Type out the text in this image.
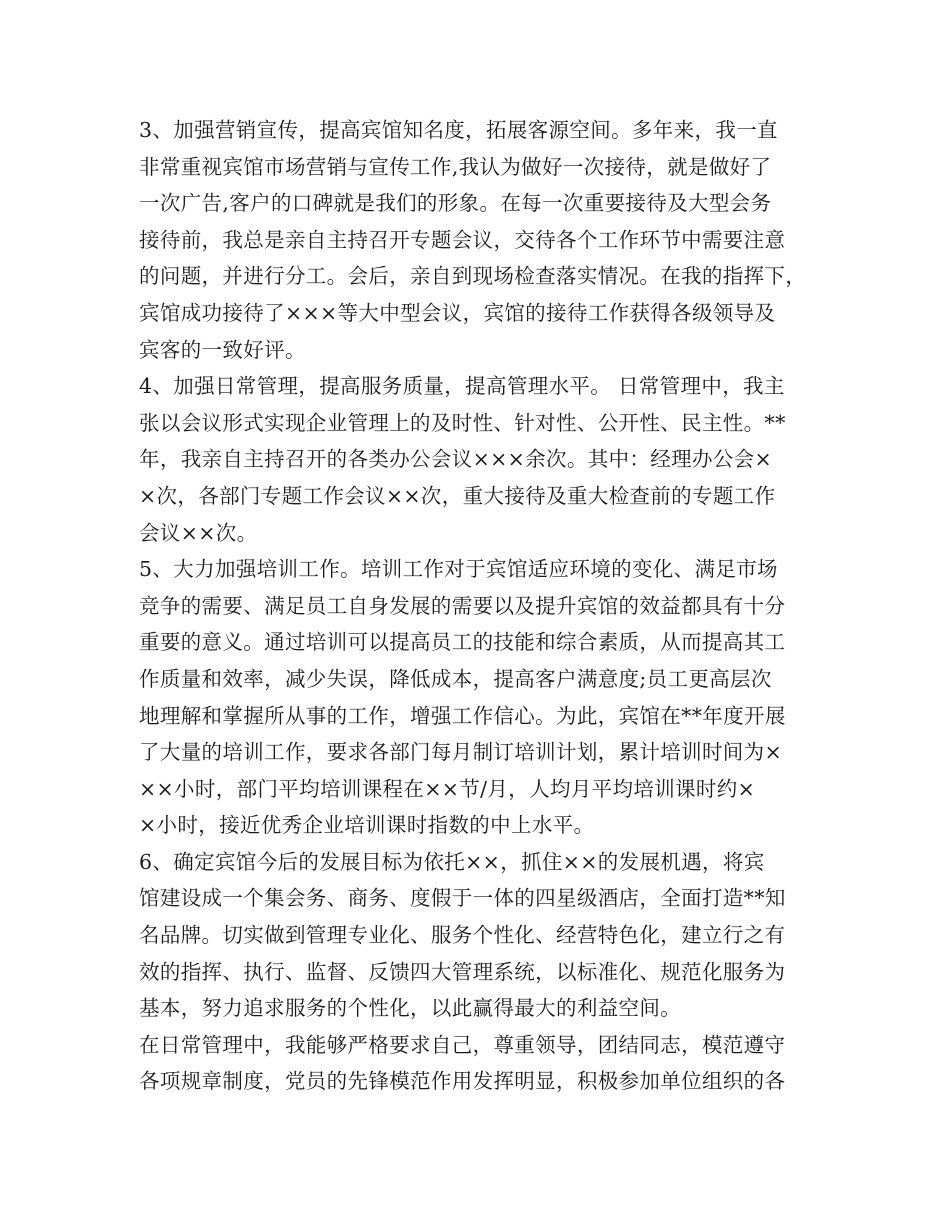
3、加强营销宣传，提高宾馆知名度，拓展客源空间。多年来，我一直
非常重视宾馆市场营销与宣传工作,我认为做好一次接待，就是做好了
一次广告,客户的口碑就是我们的形象。在每一次重要接待及大型会务
接待前，我总是亲自主持召开专题会议，交待各个工作环节中需要注意
的问题，并进行分工。会后，亲自到现场检查落实情况。在我的指挥下，
宾馆成功接待了×××等大中型会议，宾馆的接待工作获得各级领导及
宾客的一致好评。
4、加强日常管理，提高服务质量，提高管理水平。 日常管理中，我主
张以会议形式实现企业管理上的及时性、针对性、公开性、民主性。**
年，我亲自主持召开的各类办公会议×××余次。其中：经理办公会×
×次，各部门专题工作会议××次，重大接待及重大检查前的专题工作
会议××次。
5、大力加强培训工作。培训工作对于宾馆适应环境的变化、满足市场
竞争的需要、满足员工自身发展的需要以及提升宾馆的效益都具有十分
重要的意义。通过培训可以提高员工的技能和综合素质，从而提高其工
作质量和效率，减少失误，降低成本，提高客户满意度;员工更高层次
地理解和掌握所从事的工作，增强工作信心。为此，宾馆在**年度开展
了大量的培训工作，要求各部门每月制订培训计划，累计培训时间为×
××小时，部门平均培训课程在××节/月，人均月平均培训课时约×
×小时，接近优秀企业培训课时指数的中上水平。
6、确定宾馆今后的发展目标为依托××，抓住××的发展机遇，将宾
馆建设成一个集会务、商务、度假于一体的四星级酒店，全面打造**知
名品牌。切实做到管理专业化、服务个性化、经营特色化，建立行之有
效的指挥、执行、监督、反馈四大管理系统，以标准化、规范化服务为
基本，努力追求服务的个性化，以此赢得最大的利益空间。
在日常管理中，我能够严格要求自己，尊重领导，团结同志，模范遵守
各项规章制度，党员的先锋模范作用发挥明显，积极参加单位组织的各
